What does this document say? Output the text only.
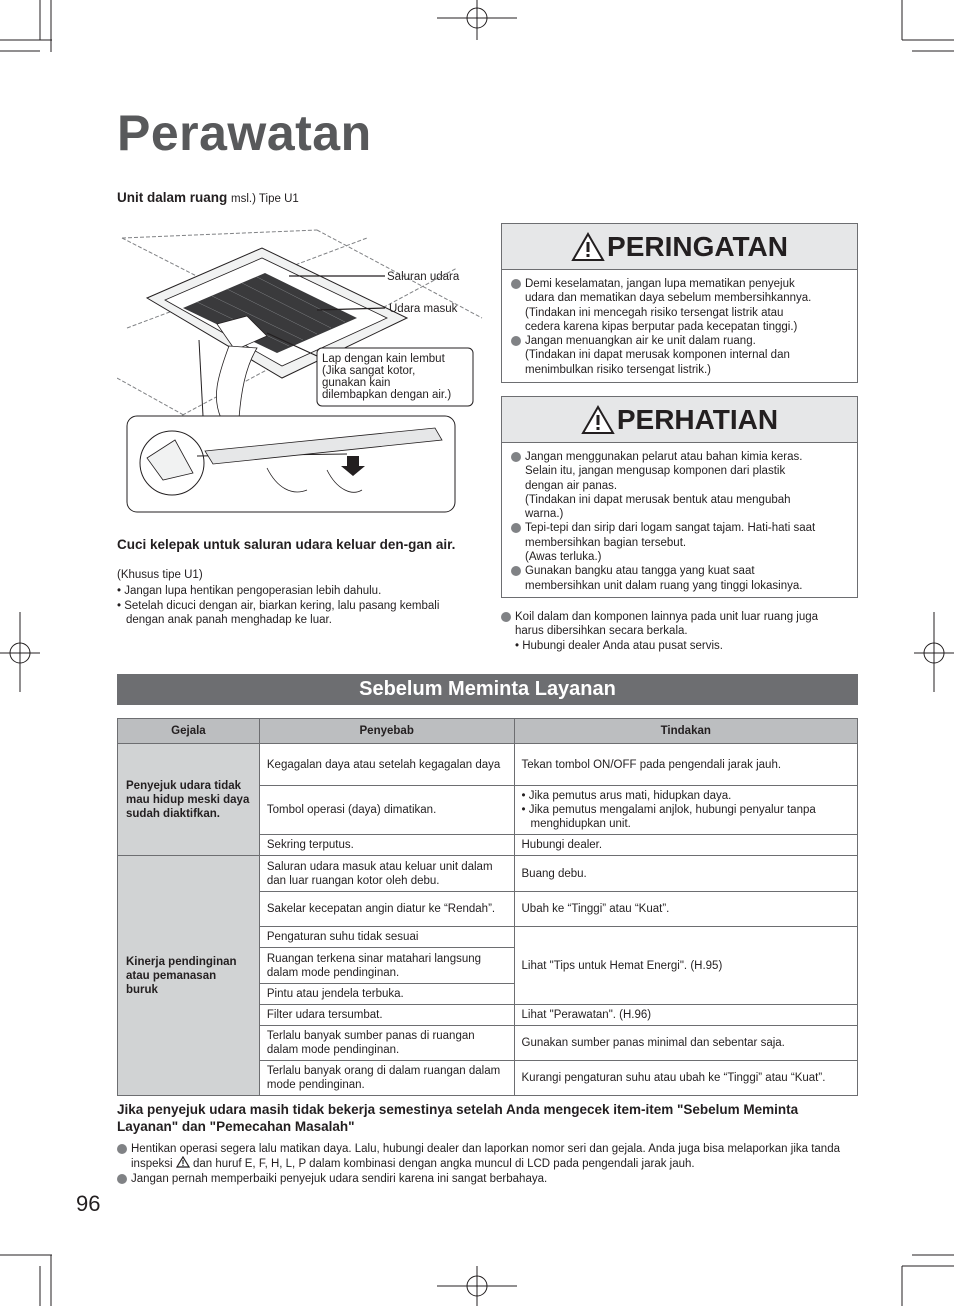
Perawatan
Unit dalam ruang msl.) Tipe U1
Saluran udara
Udara masuk
Lap dengan kain lembut
(Jika sangat kotor,
gunakan kain
dilembapkan dengan air.)
Cuci kelepak untuk saluran udara keluar den-gan air.
(Khusus tipe U1)
• Jangan lupa hentikan pengoperasian lebih dahulu.
• Setelah dicuci dengan air, biarkan kering, lalu pasang kembali dengan anak panah menghadap ke luar.
PERINGATAN
Demi keselamatan, jangan lupa mematikan penyejuk
udara dan mematikan daya sebelum membersihkannya.
(Tindakan ini mencegah risiko tersengat listrik atau
cedera karena kipas berputar pada kecepatan tinggi.)
Jangan menuangkan air ke unit dalam ruang.
(Tindakan ini dapat merusak komponen internal dan
menimbulkan risiko tersengat listrik.)
PERHATIAN
Jangan menggunakan pelarut atau bahan kimia keras.
Selain itu, jangan mengusap komponen dari plastik
dengan air panas.
(Tindakan ini dapat merusak bentuk atau mengubah
warna.)
Tepi-tepi dan sirip dari logam sangat tajam. Hati-hati saat
membersihkan bagian tersebut.
(Awas terluka.)
Gunakan bangku atau tangga yang kuat saat
membersihkan unit dalam ruang yang tinggi lokasinya.
Koil dalam dan komponen lainnya pada unit luar ruang juga
harus dibersihkan secara berkala.
• Hubungi dealer Anda atau pusat servis.
Sebelum Meminta Layanan
Gejala	Penyebab	Tindakan
Penyejuk udara tidak mau hidup meski daya sudah diaktifkan.	Kegagalan daya atau setelah kegagalan daya	Tekan tombol ON/OFF pada pengendali jarak jauh.
	Tombol operasi (daya) dimatikan.	• Jika pemutus arus mati, hidupkan daya.
• Jika pemutus mengalami anjlok, hubungi penyalur tanpa menghidupkan unit.

	Sekring terputus.	Hubungi dealer.
Kinerja pendinginan atau pemanasan buruk	Saluran udara masuk atau keluar unit dalam dan luar ruangan kotor oleh debu.	Buang debu.
	Sakelar kecepatan angin diatur ke “Rendah”.	Ubah ke “Tinggi” atau “Kuat”.
	Pengaturan suhu tidak sesuai	Lihat "Tips untuk Hemat Energi". (H.95)
	Ruangan terkena sinar matahari langsung dalam mode pendinginan.	
	Pintu atau jendela terbuka.	
	Filter udara tersumbat.	Lihat "Perawatan". (H.96)
	Terlalu banyak sumber panas di ruangan dalam mode pendinginan.	Gunakan sumber panas minimal dan sebentar saja.
	Terlalu banyak orang di dalam ruangan dalam mode pendinginan.	Kurangi pengaturan suhu atau ubah ke “Tinggi” atau “Kuat”.
Jika penyejuk udara masih tidak bekerja semestinya setelah Anda mengecek item-item "Sebelum Meminta Layanan" dan "Pemecahan Masalah"
Hentikan operasi segera lalu matikan daya. Lalu, hubungi dealer dan laporkan nomor seri dan gejala. Anda juga bisa melaporkan jika tanda inspeksi dan huruf E, F, H, L, P dalam kombinasi dengan angka muncul di LCD pada pengendali jarak jauh.
Jangan pernah memperbaiki penyejuk udara sendiri karena ini sangat berbahaya.
96
